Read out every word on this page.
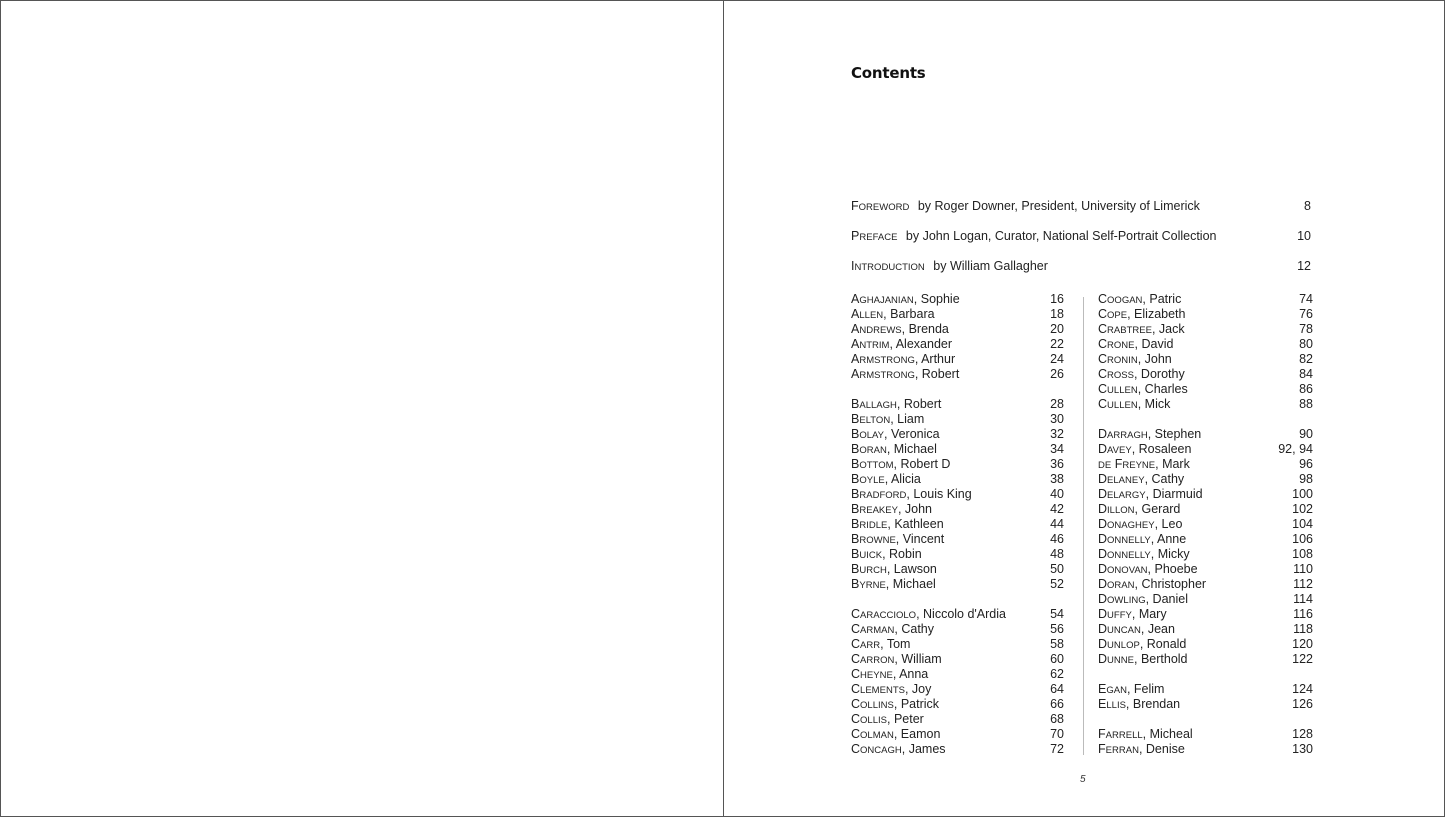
Contents
FOREWORD by Roger Downer, President, University of Limerick	8
PREFACE by John Logan, Curator, National Self-Portrait Collection	10
INTRODUCTION by William Gallagher	12
AGHAJANIAN, Sophie	16
ALLEN, Barbara	18
ANDREWS, Brenda	20
ANTRIM, Alexander	22
ARMSTRONG, Arthur	24
ARMSTRONG, Robert	26
BALLAGH, Robert	28
BELTON, Liam	30
BOLAY, Veronica	32
BORAN, Michael	34
BOTTOM, Robert D	36
BOYLE, Alicia	38
BRADFORD, Louis King	40
BREAKEY, John	42
BRIDLE, Kathleen	44
BROWNE, Vincent	46
BUICK, Robin	48
BURCH, Lawson	50
BYRNE, Michael	52
CARACCIOLO, Niccolo d'Ardia	54
CARMAN, Cathy	56
CARR, Tom	58
CARRON, William	60
CHEYNE, Anna	62
CLEMENTS, Joy	64
COLLINS, Patrick	66
COLLIS, Peter	68
COLMAN, Eamon	70
CONCAGH, James	72
COOGAN, Patric	74
COPE, Elizabeth	76
CRABTREE, Jack	78
CRONE, David	80
CRONIN, John	82
CROSS, Dorothy	84
CULLEN, Charles	86
CULLEN, Mick	88
DARRAGH, Stephen	90
DAVEY, Rosaleen	92, 94
DE FREYNE, Mark	96
DELANEY, Cathy	98
DELARGY, Diarmuid	100
DILLON, Gerard	102
DONAGHEY, Leo	104
DONNELLY, Anne	106
DONNELLY, Micky	108
DONOVAN, Phoebe	110
DORAN, Christopher	112
DOWLING, Daniel	114
DUFFY, Mary	116
DUNCAN, Jean	118
DUNLOP, Ronald	120
DUNNE, Berthold	122
EGAN, Felim	124
ELLIS, Brendan	126
FARRELL, Micheal	128
FERRAN, Denise	130
5
